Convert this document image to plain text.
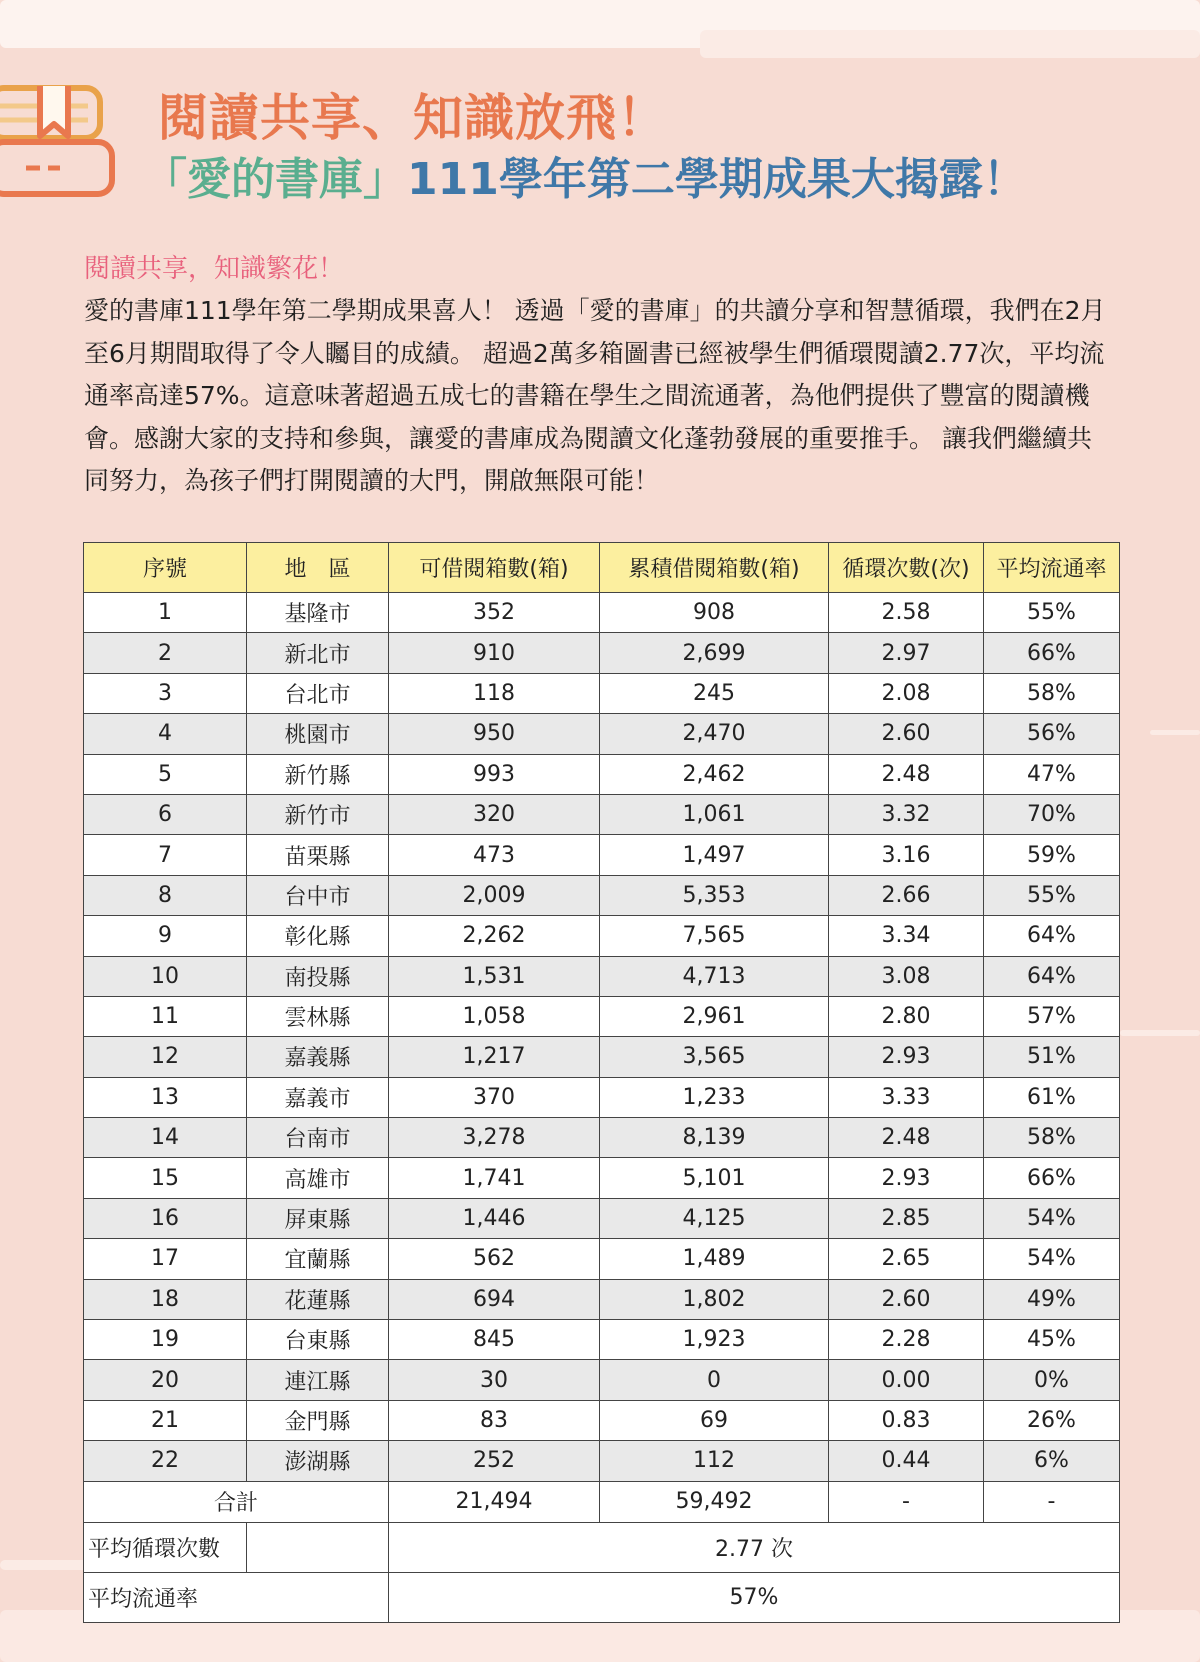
閱讀共享、知識放飛！
「愛的書庫」111學年第二學期成果大揭露！
閱讀共享，知識繁花！
愛的書庫111學年第二學期成果喜人！ 透過「愛的書庫」的共讀分享和智慧循環，我們在2月至6月期間取得了令人矚目的成績。 超過2萬多箱圖書已經被學生們循環閱讀2.77次，平均流通率高達57%。這意味著超過五成七的書籍在學生之間流通著，為他們提供了豐富的閱讀機會。感謝大家的支持和參與，讓愛的書庫成為閱讀文化蓬勃發展的重要推手。 讓我們繼續共同努力，為孩子們打開閱讀的大門，開啟無限可能！
序號	地　區	可借閱箱數(箱)	累積借閱箱數(箱)	循環次數(次)	平均流通率
1	基隆市	352	908	2.58	55%
2	新北市	910	2,699	2.97	66%
3	台北市	118	245	2.08	58%
4	桃園市	950	2,470	2.60	56%
5	新竹縣	993	2,462	2.48	47%
6	新竹市	320	1,061	3.32	70%
7	苗栗縣	473	1,497	3.16	59%
8	台中市	2,009	5,353	2.66	55%
9	彰化縣	2,262	7,565	3.34	64%
10	南投縣	1,531	4,713	3.08	64%
11	雲林縣	1,058	2,961	2.80	57%
12	嘉義縣	1,217	3,565	2.93	51%
13	嘉義市	370	1,233	3.33	61%
14	台南市	3,278	8,139	2.48	58%
15	高雄市	1,741	5,101	2.93	66%
16	屏東縣	1,446	4,125	2.85	54%
17	宜蘭縣	562	1,489	2.65	54%
18	花蓮縣	694	1,802	2.60	49%
19	台東縣	845	1,923	2.28	45%
20	連江縣	30	0	0.00	0%
21	金門縣	83	69	0.83	26%
22	澎湖縣	252	112	0.44	6%
合計		21,494	59,492	-	-
平均循環次數		2.77 次			
平均流通率		57%			
